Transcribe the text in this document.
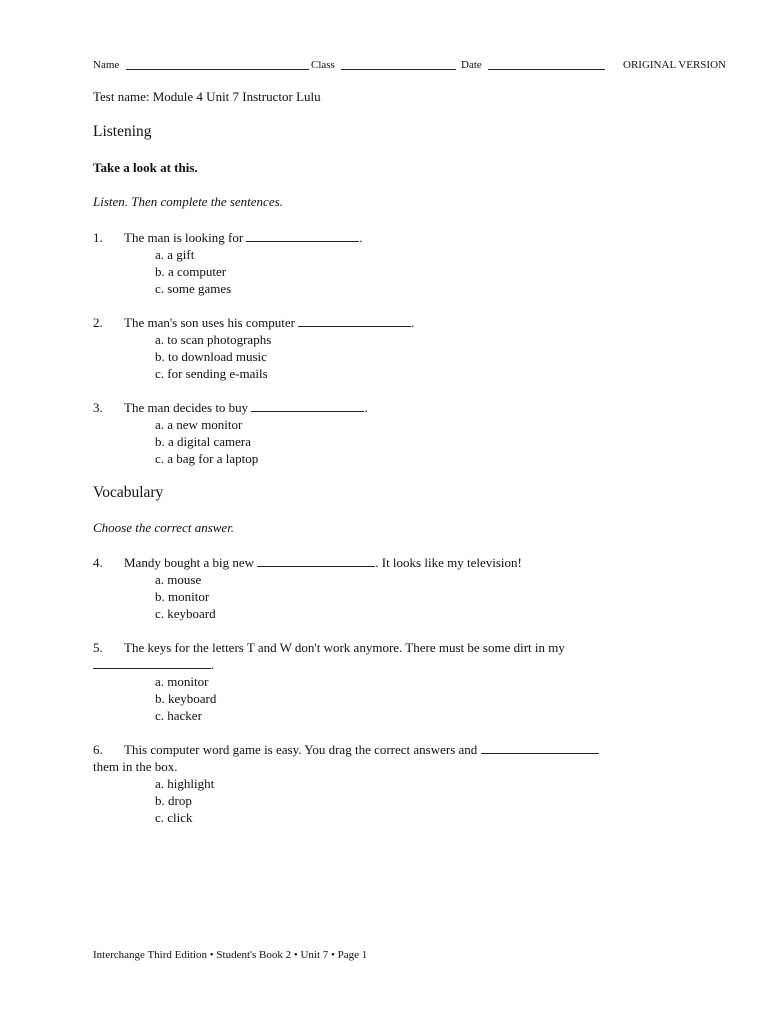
Name	Class	Date	ORIGINAL VERSION
Test name: Module 4 Unit 7 Instructor Lulu
Listening
Take a look at this.
Listen. Then complete the sentences.
1. The man is looking for	.
a. a gift
b. a computer
c. some games
2. The man's son uses his computer	.
a. to scan photographs
b. to download music
c. for sending e-mails
3. The man decides to buy	.
a. a new monitor
b. a digital camera
c. a bag for a laptop
Vocabulary
Choose the correct answer.
4. Mandy bought a big new	. It looks like my television!
a. mouse
b. monitor
c. keyboard
5. The keys for the letters T and W don't work anymore. There must be some dirt in my
.
a. monitor
b. keyboard
c. hacker
6. This computer word game is easy. You drag the correct answers and
them in the box.
a. highlight
b. drop
c. click
Interchange Third Edition • Student's Book 2 • Unit 7 • Page 1
